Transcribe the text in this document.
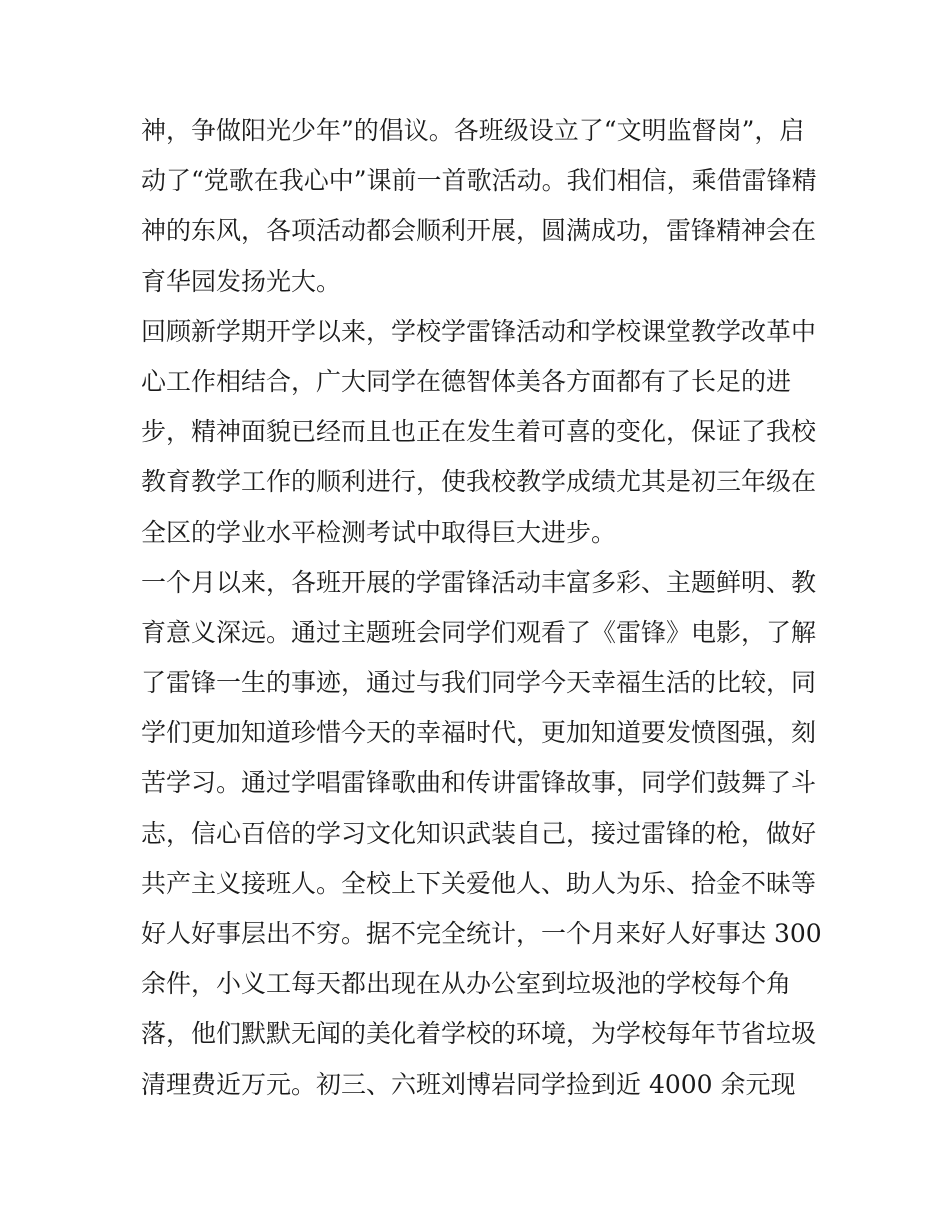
神，争做阳光少年”的倡议。各班级设立了“文明监督岗”，启
动了“党歌在我心中”课前一首歌活动。我们相信，乘借雷锋精
神的东风，各项活动都会顺利开展，圆满成功，雷锋精神会在
育华园发扬光大。
回顾新学期开学以来，学校学雷锋活动和学校课堂教学改革中
心工作相结合，广大同学在德智体美各方面都有了长足的进
步，精神面貌已经而且也正在发生着可喜的变化，保证了我校
教育教学工作的顺利进行，使我校教学成绩尤其是初三年级在
全区的学业水平检测考试中取得巨大进步。
一个月以来，各班开展的学雷锋活动丰富多彩、主题鲜明、教
育意义深远。通过主题班会同学们观看了《雷锋》电影，了解
了雷锋一生的事迹，通过与我们同学今天幸福生活的比较，同
学们更加知道珍惜今天的幸福时代，更加知道要发愤图强，刻
苦学习。通过学唱雷锋歌曲和传讲雷锋故事，同学们鼓舞了斗
志，信心百倍的学习文化知识武装自己，接过雷锋的枪，做好
共产主义接班人。全校上下关爱他人、助人为乐、拾金不昧等
好人好事层出不穷。据不完全统计，一个月来好人好事达 300
余件，小义工每天都出现在从办公室到垃圾池的学校每个角
落，他们默默无闻的美化着学校的环境，为学校每年节省垃圾
清理费近万元。初三、六班刘博岩同学捡到近 4000 余元现
